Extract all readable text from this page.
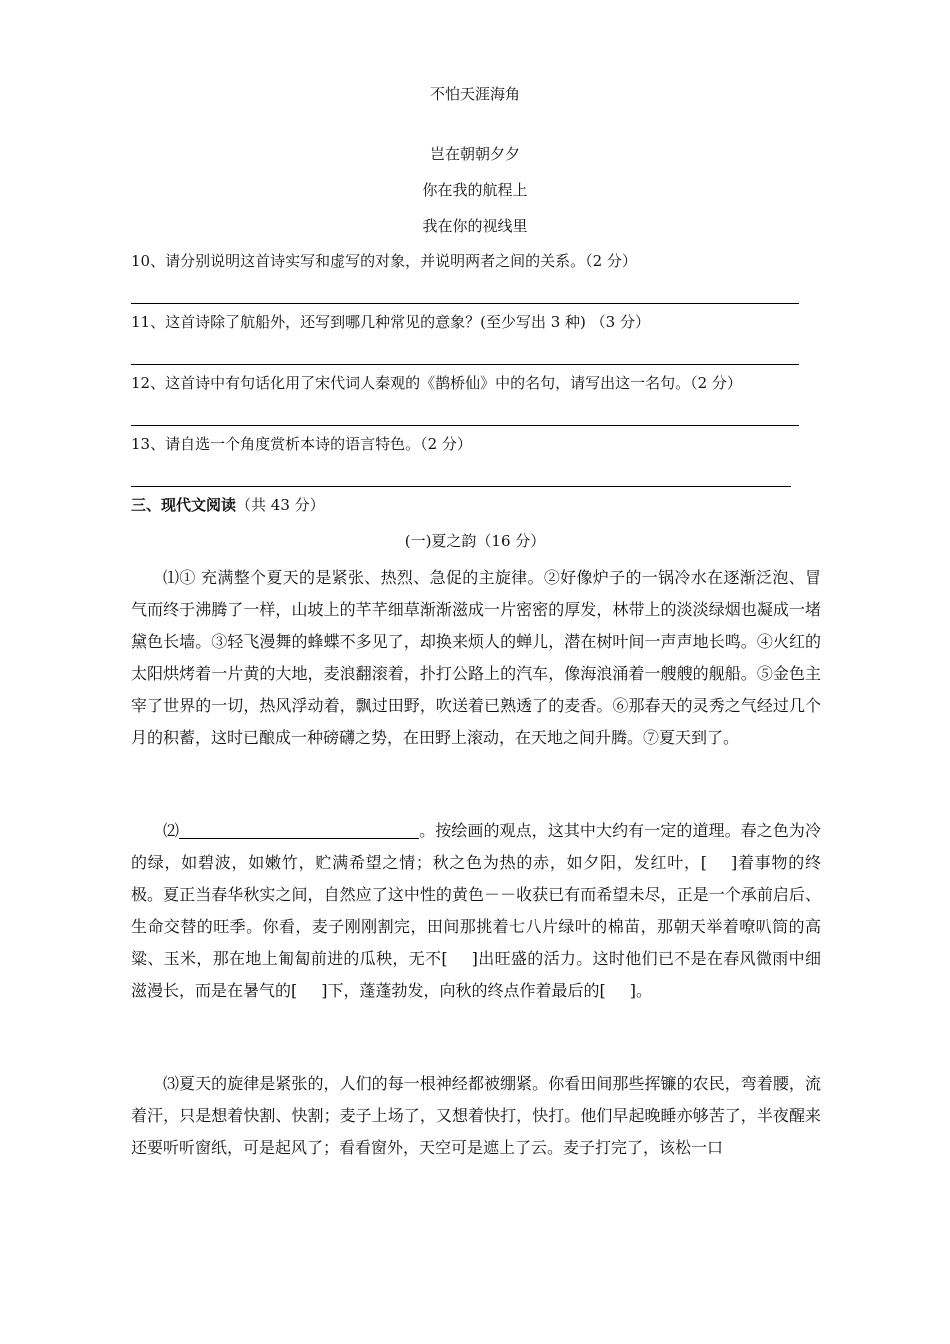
不怕天涯海角
岂在朝朝夕夕
你在我的航程上
我在你的视线里
10、请分别说明这首诗实写和虚写的对象，并说明两者之间的关系。（2 分）
11、这首诗除了航船外，还写到哪几种常见的意象？(至少写出 3 种) （3 分）
12、这首诗中有句话化用了宋代词人秦观的《鹊桥仙》中的名句，请写出这一名句。（2 分）
13、请自选一个角度赏析本诗的语言特色。（2 分）
三、现代文阅读（共 43 分）
(一)夏之韵（16 分）
⑴① 充满整个夏天的是紧张、热烈、急促的主旋律。②好像炉子的一锅冷水在逐渐泛泡、冒气而终于沸腾了一样，山坡上的芊芊细草渐渐滋成一片密密的厚发，林带上的淡淡绿烟也凝成一堵黛色长墙。③轻飞漫舞的蜂蝶不多见了，却换来烦人的蝉儿，潜在树叶间一声声地长鸣。④火红的太阳烘烤着一片黄的大地，麦浪翻滚着，扑打公路上的汽车，像海浪涌着一艘艘的舰船。⑤金色主宰了世界的一切，热风浮动着，飘过田野，吹送着已熟透了的麦香。⑥那春天的灵秀之气经过几个月的积蓄，这时已酿成一种磅礴之势，在田野上滚动，在天地之间升腾。⑦夏天到了。
⑵	。按绘画的观点，这其中大约有一定的道理。春之色为冷的绿，如碧波，如嫩竹，贮满希望之情；秋之色为热的赤，如夕阳，发红叶，[ ]着事物的终极。夏正当春华秋实之间，自然应了这中性的黄色－－收获已有而希望未尽，正是一个承前启后、生命交替的旺季。你看，麦子刚刚割完，田间那挑着七八片绿叶的棉苗，那朝天举着嘹叭筒的高粱、玉米，那在地上匍匐前进的瓜秧，无不[ ]出旺盛的活力。这时他们已不是在春风微雨中细滋漫长，而是在暑气的[ ]下，蓬蓬勃发，向秋的终点作着最后的[ ]。
⑶夏天的旋律是紧张的，人们的每一根神经都被绷紧。你看田间那些挥镰的农民，弯着腰，流着汗，只是想着快割、快割；麦子上场了，又想着快打，快打。他们早起晚睡亦够苦了，半夜醒来还要听听窗纸，可是起风了；看看窗外，天空可是遮上了云。麦子打完了，该松一口
